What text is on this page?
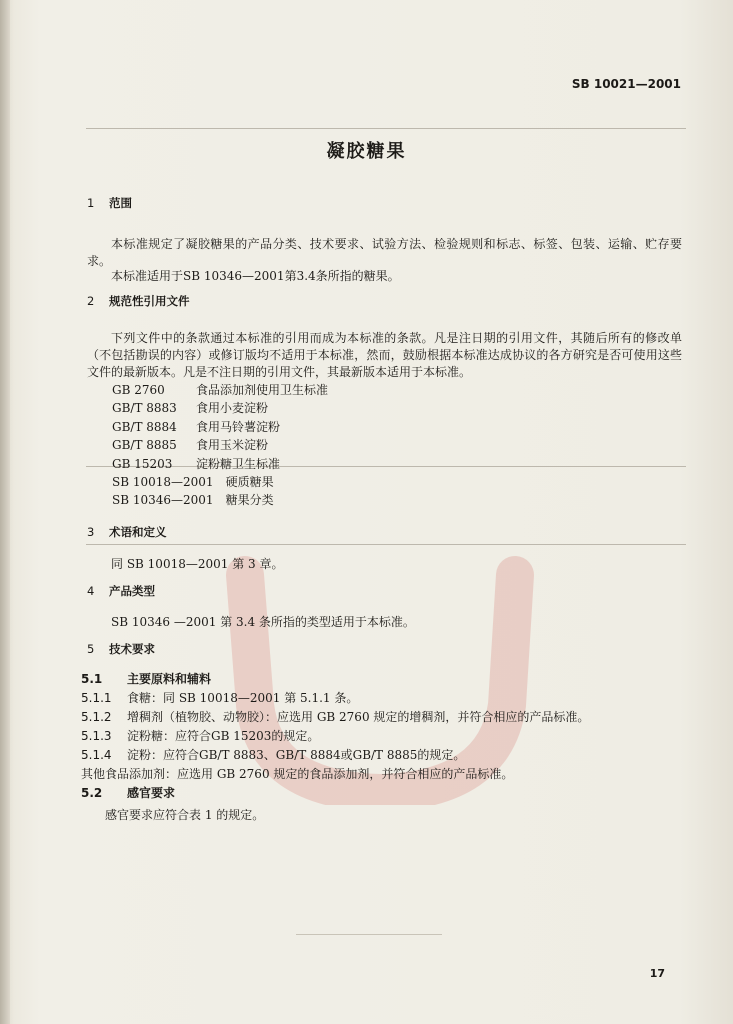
SB 10021—2001
凝胶糖果
1 范围
本标准规定了凝胶糖果的产品分类、技术要求、试验方法、检验规则和标志、标签、包装、运输、贮存要求。
本标准适用于SB 10346—2001第3.4条所指的糖果。
2 规范性引用文件
下列文件中的条款通过本标准的引用而成为本标准的条款。凡是注日期的引用文件，其随后所有的修改单（不包括勘误的内容）或修订版均不适用于本标准，然而，鼓励根据本标准达成协议的各方研究是否可使用这些文件的最新版本。凡是不注日期的引用文件，其最新版本适用于本标准。
GB 2760 	食品添加剂使用卫生标准
GB/T 8883  食用小麦淀粉
GB/T 8884  食用马铃薯淀粉
GB/T 8885  食用玉米淀粉
GB 15203  淀粉糖卫生标准
SB 10018—2001  硬质糖果
SB 10346—2001  糖果分类
3 术语和定义
同 SB 10018—2001 第 3 章。
4 产品类型
SB 10346 —2001 第 3.4 条所指的类型适用于本标准。
5 技术要求
5.1 主要原料和辅料
5.1.1 食糖：同 SB 10018—2001 第 5.1.1 条。
5.1.2 增稠剂（植物胶、动物胶）：应选用 GB 2760 规定的增稠剂，并符合相应的产品标准。
5.1.3 淀粉糖：应符合GB 15203的规定。
5.1.4 淀粉：应符合GB/T 8883、GB/T 8884或GB/T 8885的规定。
其他食品添加剂：应选用 GB 2760 规定的食品添加剂，并符合相应的产品标准。
5.2 感官要求
感官要求应符合表 1 的规定。
17
